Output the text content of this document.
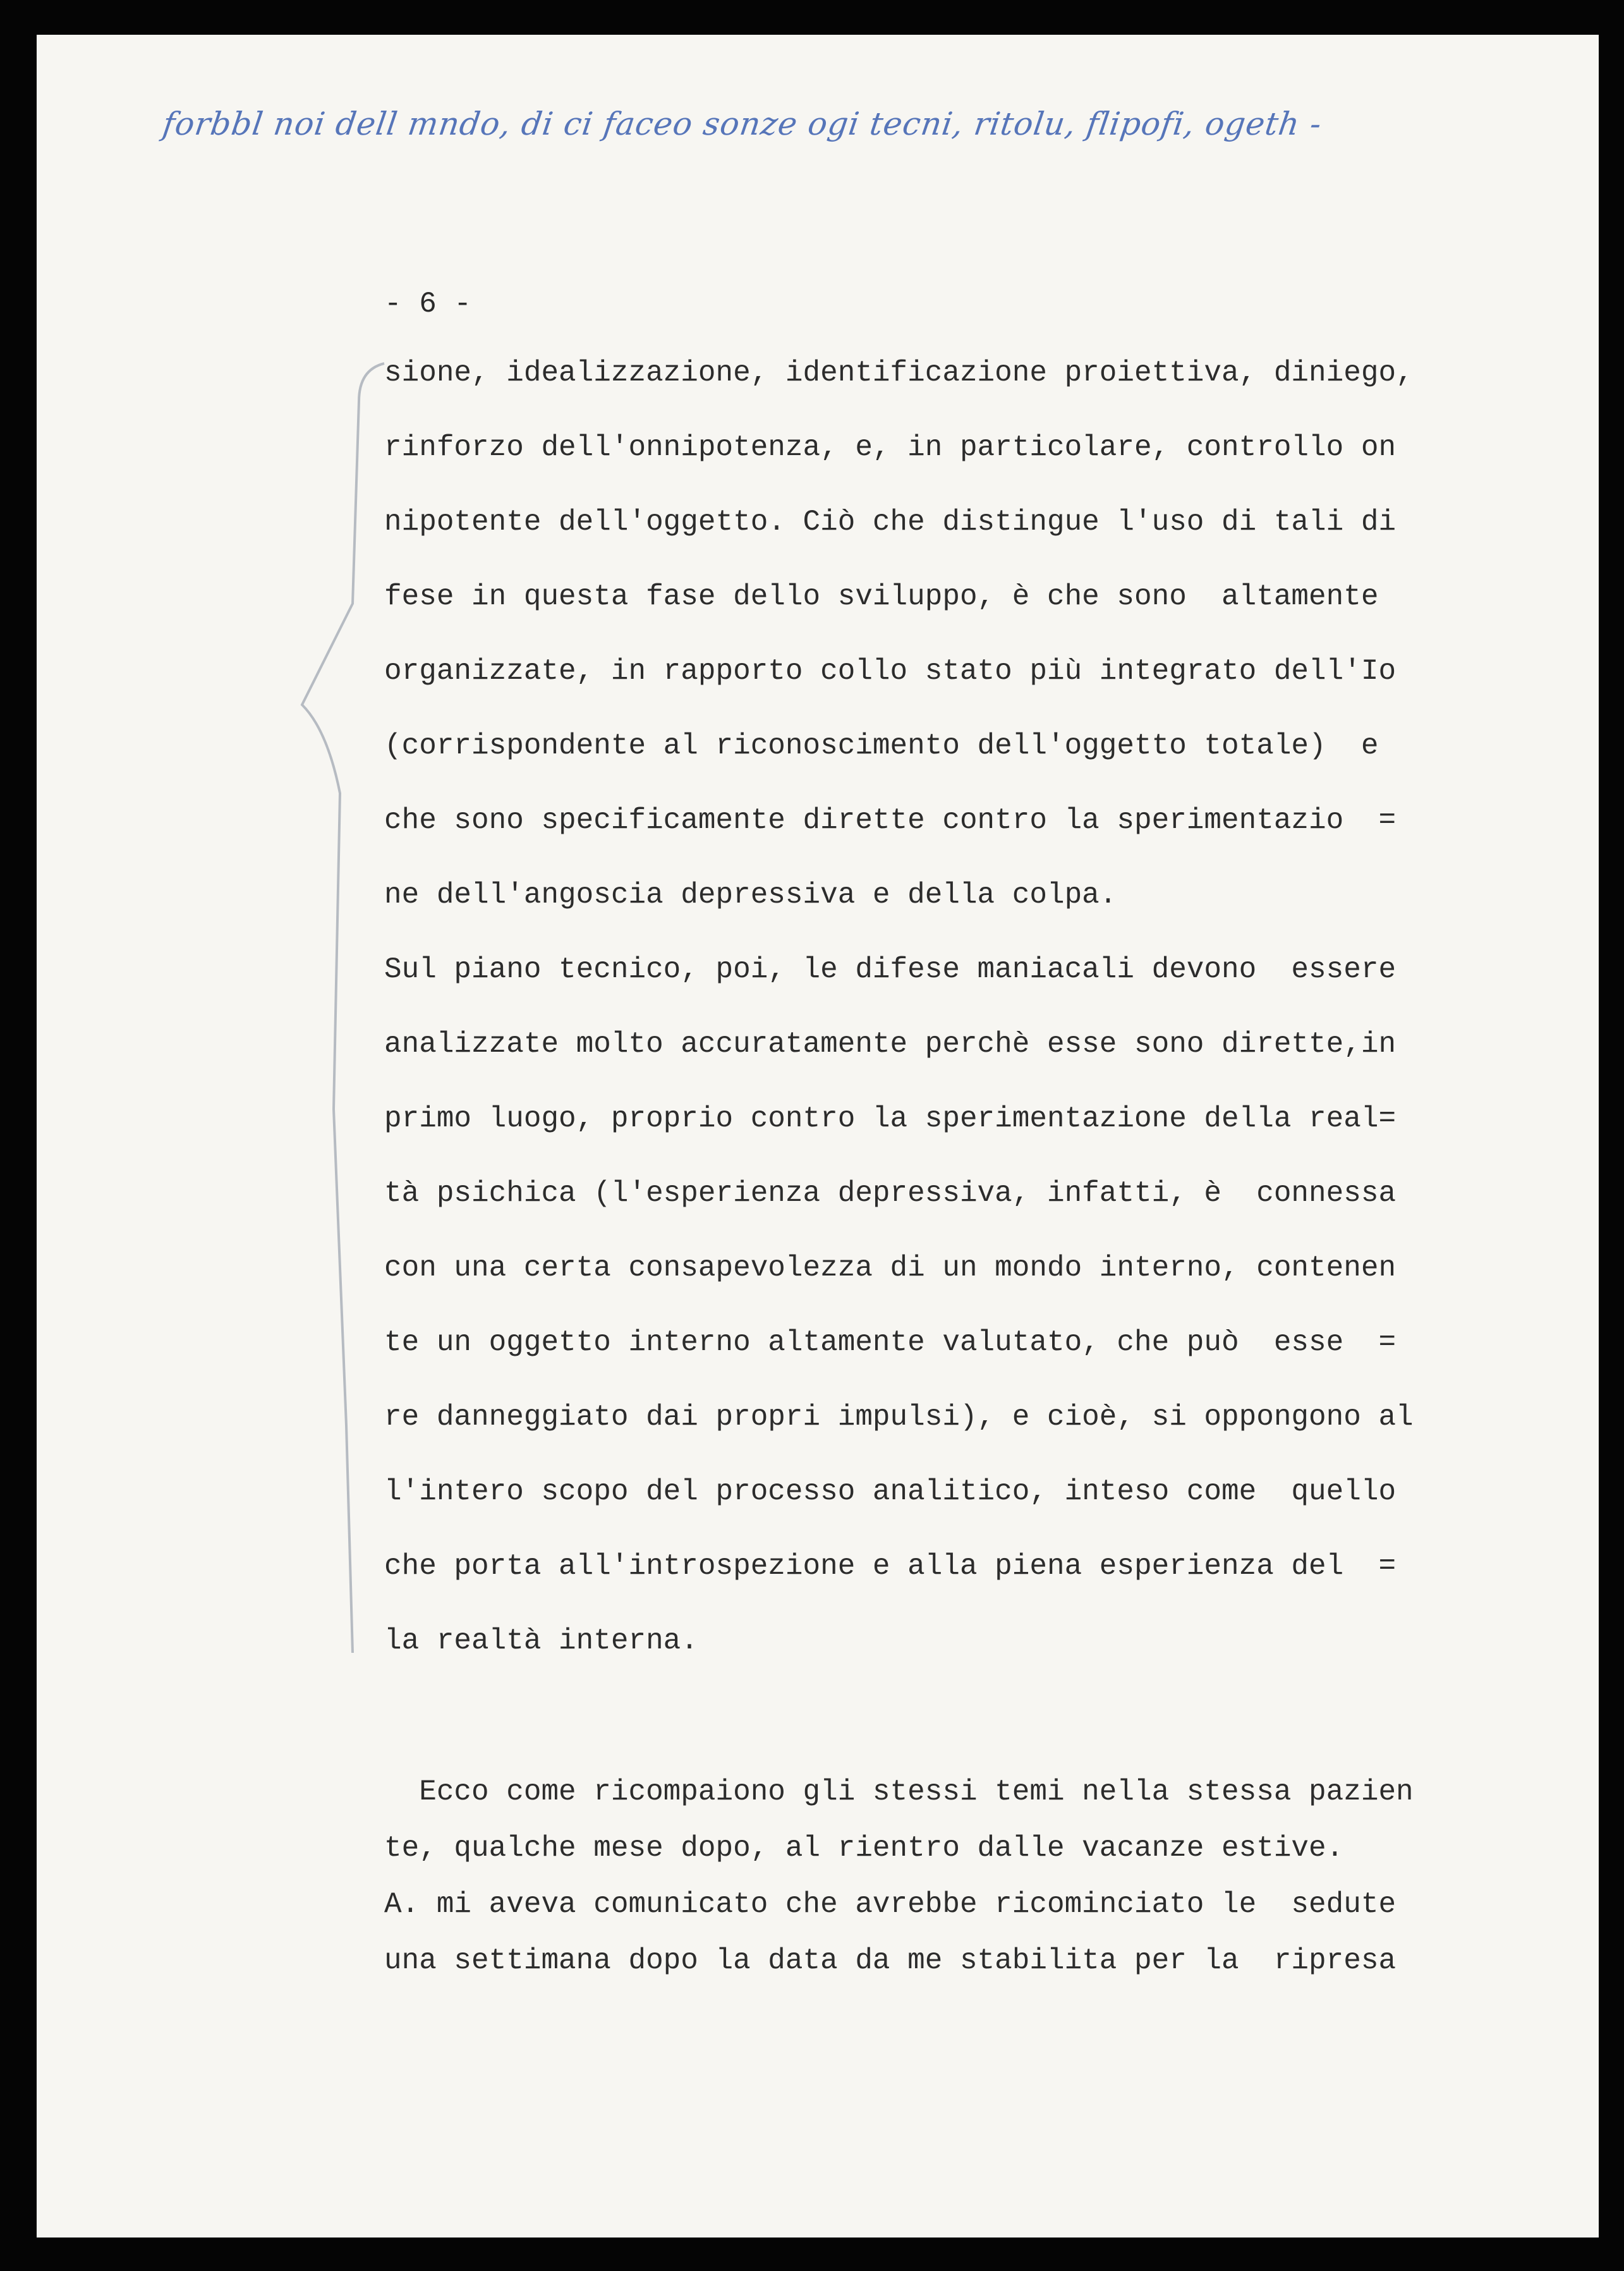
forbbl noi dell mndo, di ci faceo sonze ogi tecni, ritolu, flipofi, ogeth -
- 6 -
sione, idealizzazione, identificazione proiettiva, diniego,
rinforzo dell'onnipotenza, e, in particolare, controllo on
nipotente dell'oggetto. Ciò che distingue l'uso di tali di
fese in questa fase dello sviluppo, è che sono  altamente
organizzate, in rapporto collo stato più integrato dell'Io
(corrispondente al riconoscimento dell'oggetto totale)  e
che sono specificamente dirette contro la sperimentazio  =
ne dell'angoscia depressiva e della colpa.
Sul piano tecnico, poi, le difese maniacali devono  essere
analizzate molto accuratamente perchè esse sono dirette,in
primo luogo, proprio contro la sperimentazione della real=
tà psichica (l'esperienza depressiva, infatti, è  connessa
con una certa consapevolezza di un mondo interno, contenen
te un oggetto interno altamente valutato, che può  esse  =
re danneggiato dai propri impulsi), e cioè, si oppongono al
l'intero scopo del processo analitico, inteso come  quello
che porta all'introspezione e alla piena esperienza del  =
la realtà interna.
Ecco come ricompaiono gli stessi temi nella stessa pazien
te, qualche mese dopo, al rientro dalle vacanze estive.
A. mi aveva comunicato che avrebbe ricominciato le  sedute
una settimana dopo la data da me stabilita per la  ripresa
